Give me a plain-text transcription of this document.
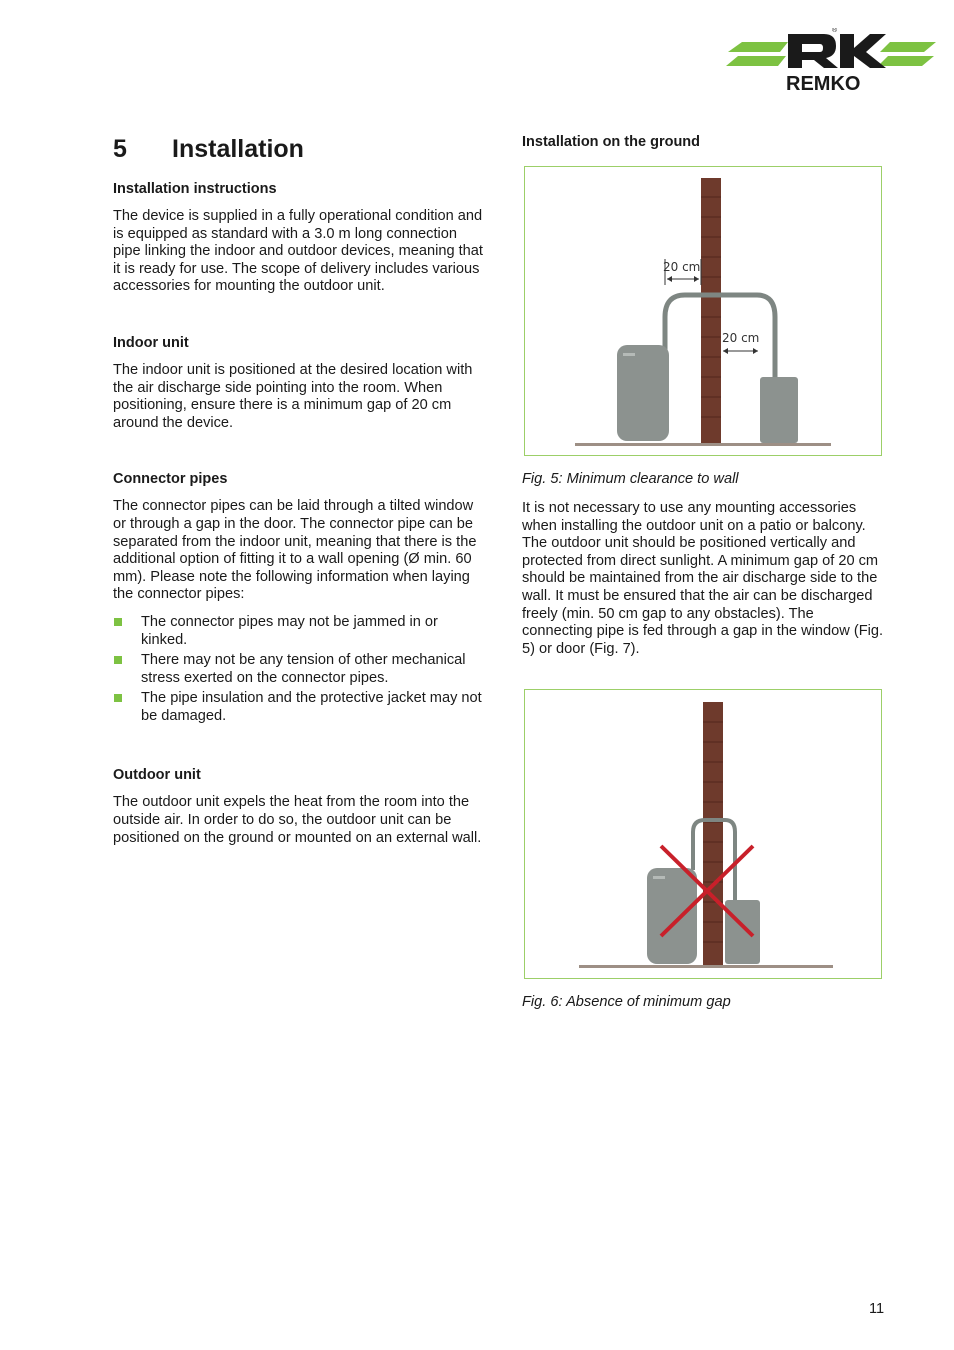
®
REMKO
5	Installation
Installation instructions

The device is supplied in a fully operational condition and is equipped as standard with a 3.0 m long connection pipe linking the indoor and outdoor devices, meaning that it is ready for use. The scope of delivery includes various accessories for mounting the outdoor unit.

Indoor unit

The indoor unit is positioned at the desired location with the air discharge side pointing into the room. When positioning, ensure there is a minimum gap of 20 cm around the device.

Connector pipes

The connector pipes can be laid through a tilted window or through a gap in the door. The connector pipe can be separated from the indoor unit, meaning that there is the additional option of fitting it to a wall opening (Ø min. 60 mm). Please note the following information when laying the connector pipes:

The connector pipes may not be jammed in or kinked.
There may not be any tension of other mechanical stress exerted on the connector pipes.
The pipe insulation and the protective jacket may not be damaged.
Outdoor unit

The outdoor unit expels the heat from the room into the outside air. In order to do so, the outdoor unit can be positioned on the ground or mounted on an external wall.

Installation on the ground
20 cm
20 cm
Fig. 5: Minimum clearance to wall

It is not necessary to use any mounting accessories when installing the outdoor unit on a patio or balcony. The outdoor unit should be positioned vertically and protected from direct sunlight. A minimum gap of 20 cm should be maintained from the air discharge side to the wall. It must be ensured that the air can be discharged freely (min. 50 cm gap to any obstacles). The connecting pipe is fed through a gap in the window (Fig. 5) or door (Fig. 7).

Fig. 6: Absence of minimum gap
11
